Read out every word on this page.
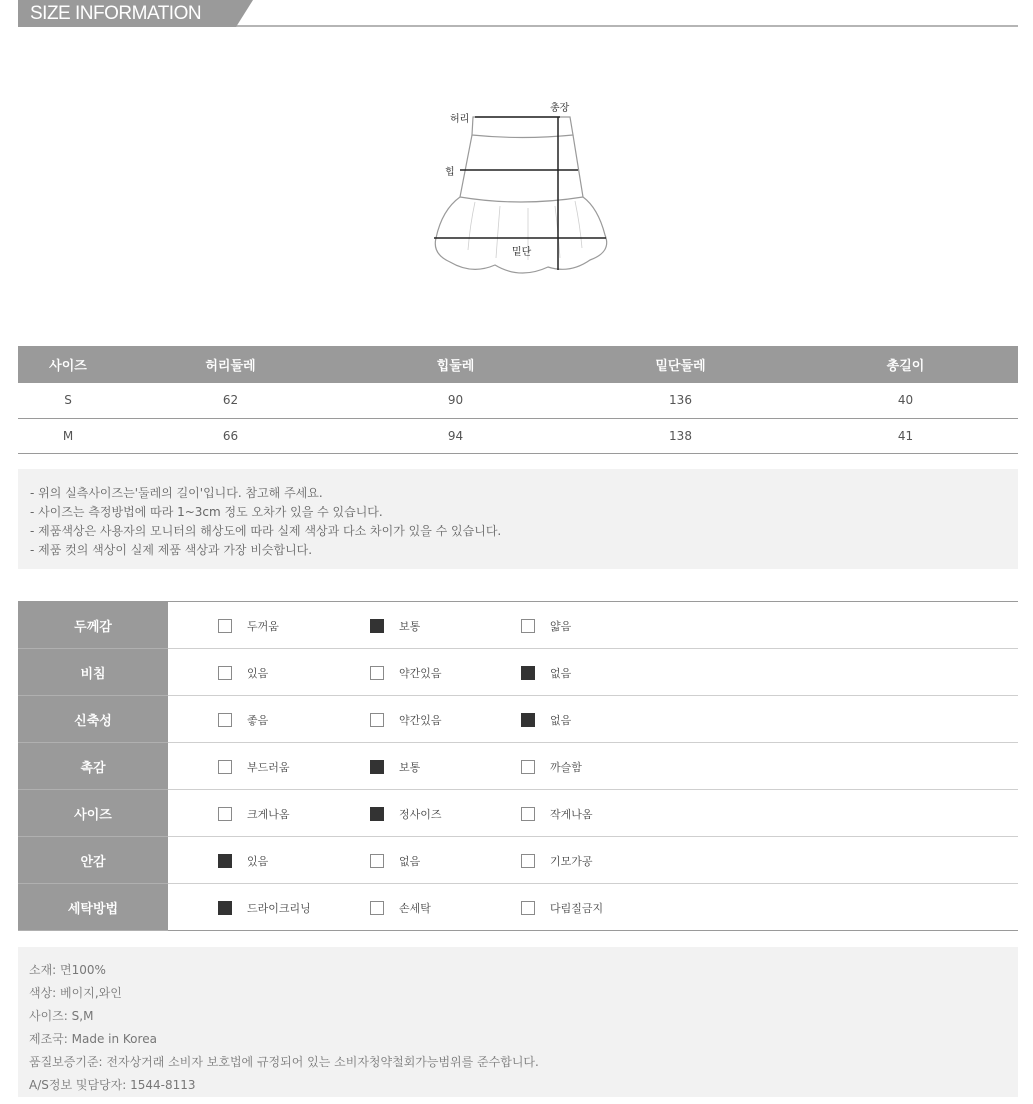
SIZE INFORMATION
허리
총장
힙
밑단
사이즈	허리둘레	힙둘레	밑단둘레	총길이
S	62	90	136	40
M	66	94	138	41
- 위의 실측사이즈는'둘레의 길이'입니다. 참고해 주세요.
- 사이즈는 측정방법에 따라 1~3cm 정도 오차가 있을 수 있습니다.
- 제품색상은 사용자의 모니터의 해상도에 따라 실제 색상과 다소 차이가 있을 수 있습니다.
- 제품 컷의 색상이 실제 제품 색상과 가장 비슷합니다.
두께감	두꺼움 보통 얇음

비침	있음 약간있음 없음

신축성	좋음 약간있음 없음

촉감	부드러움 보통 까슬함

사이즈	크게나옴 정사이즈 작게나옴

안감	있음 없음 기모가공

세탁방법	드라이크리닝 손세탁 다림질금지
소재: 면100%
색상: 베이지,와인
사이즈: S,M
제조국: Made in Korea
품질보증기준: 전자상거래 소비자 보호법에 규정되어 있는 소비자청약철회가능범위를 준수합니다.
A/S정보 및담당자: 1544-8113
